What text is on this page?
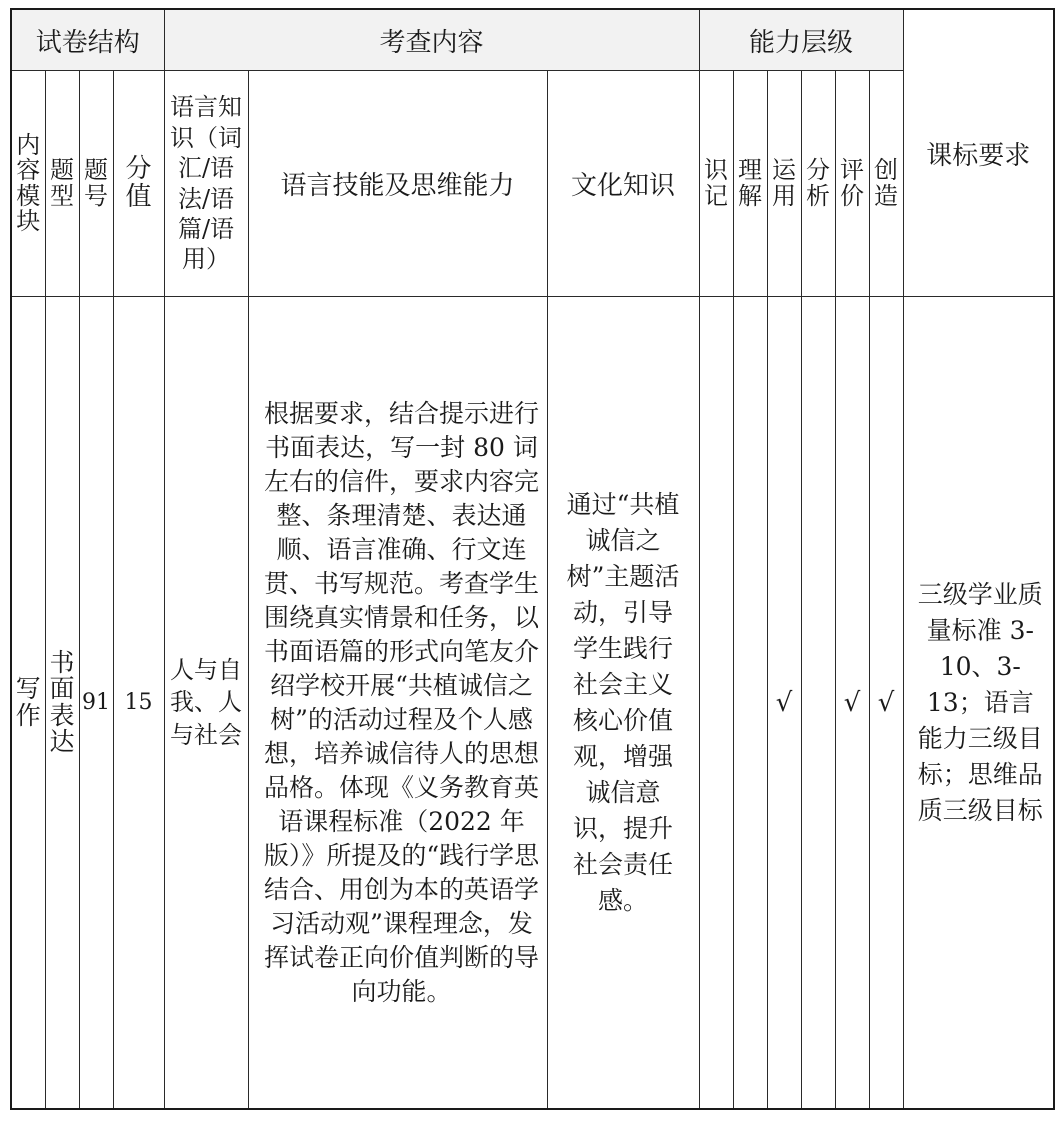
试卷结构				考查内容			能力层级						课标要求
内容模块	题型	题号	分值	语言知识（词汇/语法/语篇/语用）	语言技能及思维能力	文化知识	识记	理解	运用	分析	评价	创造	
写作	书面表达	91	15	人与自我、人与社会	根据要求，结合提示进行书面表达，写一封 80 词左右的信件，要求内容完整、条理清楚、表达通顺、语言准确、行文连贯、书写规范。考查学生围绕真实情景和任务，以书面语篇的形式向笔友介绍学校开展“共植诚信之树”的活动过程及个人感想，培养诚信待人的思想品格。体现《义务教育英语课程标准（2022 年版）》所提及的“践行学思结合、用创为本的英语学习活动观”课程理念，发挥试卷正向价值判断的导向功能。	通过“共植诚信之树”主题活动，引导学生践行社会主义核心价值观，增强诚信意识，提升社会责任感。			√		√	√	三级学业质量标准 3-10、3-13；语言能力三级目标；思维品质三级目标
